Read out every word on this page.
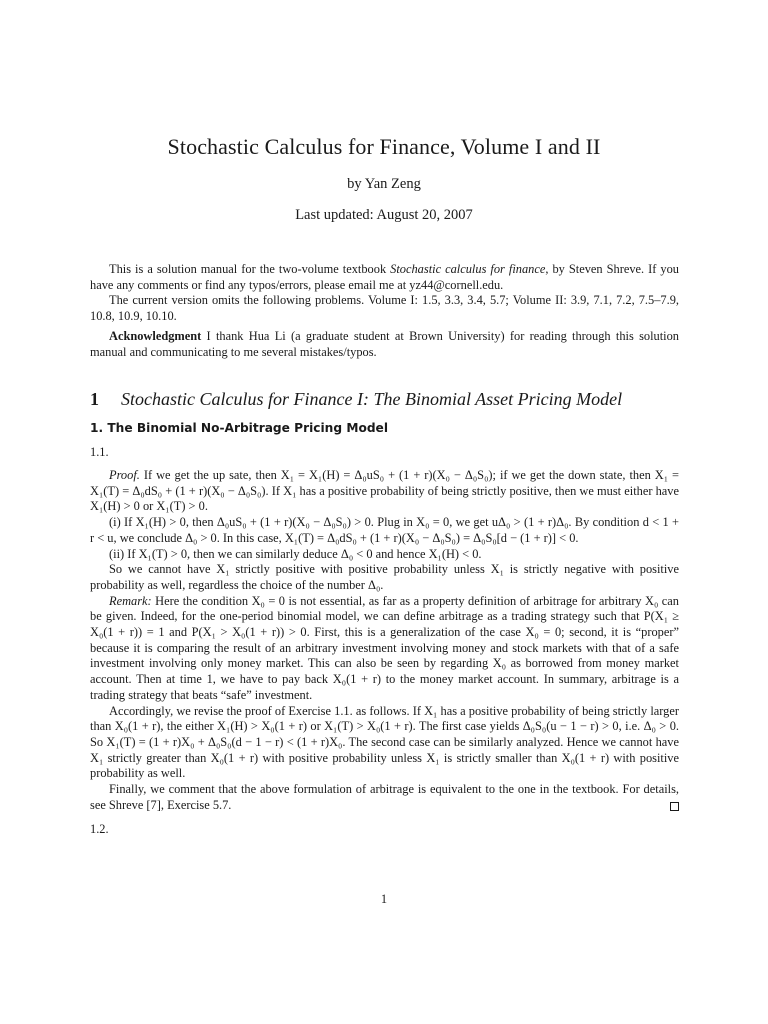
Stochastic Calculus for Finance, Volume I and II
by Yan Zeng
Last updated: August 20, 2007

This is a solution manual for the two-volume textbook Stochastic calculus for finance, by Steven Shreve. If you have any comments or find any typos/errors, please email me at yz44@cornell.edu.

The current version omits the following problems. Volume I: 1.5, 3.3, 3.4, 5.7; Volume II: 3.9, 7.1, 7.2, 7.5–7.9, 10.8, 10.9, 10.10.

Acknowledgment I thank Hua Li (a graduate student at Brown University) for reading through this solution manual and communicating to me several mistakes/typos.

1 Stochastic Calculus for Finance I: The Binomial Asset Pricing Model
1. The Binomial No-Arbitrage Pricing Model
1.1.

Proof. If we get the up sate, then X₁ = X₁(H) = Δ₀uS₀ + (1 + r)(X₀ − Δ₀S₀); if we get the down state, then X₁ = X₁(T) = Δ₀dS₀ + (1 + r)(X₀ − Δ₀S₀). If X₁ has a positive probability of being strictly positive, then we must either have X₁(H) > 0 or X₁(T) > 0.

(i) If X₁(H) > 0, then Δ₀uS₀ + (1 + r)(X₀ − Δ₀S₀) > 0. Plug in X₀ = 0, we get uΔ₀ > (1 + r)Δ₀. By condition d < 1 + r < u, we conclude Δ₀ > 0. In this case, X₁(T) = Δ₀dS₀ + (1 + r)(X₀ − Δ₀S₀) = Δ₀S₀[d − (1 + r)] < 0.

(ii) If X₁(T) > 0, then we can similarly deduce Δ₀ < 0 and hence X₁(H) < 0.

So we cannot have X₁ strictly positive with positive probability unless X₁ is strictly negative with positive probability as well, regardless the choice of the number Δ₀.

Remark: Here the condition X₀ = 0 is not essential, as far as a property definition of arbitrage for arbitrary X₀ can be given. Indeed, for the one-period binomial model, we can define arbitrage as a trading strategy such that P(X₁ ≥ X₀(1 + r)) = 1 and P(X₁ > X₀(1 + r)) > 0. First, this is a generalization of the case X₀ = 0; second, it is “proper” because it is comparing the result of an arbitrary investment involving money and stock markets with that of a safe investment involving only money market. This can also be seen by regarding X₀ as borrowed from money market account. Then at time 1, we have to pay back X₀(1 + r) to the money market account. In summary, arbitrage is a trading strategy that beats “safe” investment.

Accordingly, we revise the proof of Exercise 1.1. as follows. If X₁ has a positive probability of being strictly larger than X₀(1 + r), the either X₁(H) > X₀(1 + r) or X₁(T) > X₀(1 + r). The first case yields Δ₀S₀(u − 1 − r) > 0, i.e. Δ₀ > 0. So X₁(T) = (1 + r)X₀ + Δ₀S₀(d − 1 − r) < (1 + r)X₀. The second case can be similarly analyzed. Hence we cannot have X₁ strictly greater than X₀(1 + r) with positive probability unless X₁ is strictly smaller than X₀(1 + r) with positive probability as well.

Finally, we comment that the above formulation of arbitrage is equivalent to the one in the textbook. For details, see Shreve [7], Exercise 5.7.

1.2.
1
